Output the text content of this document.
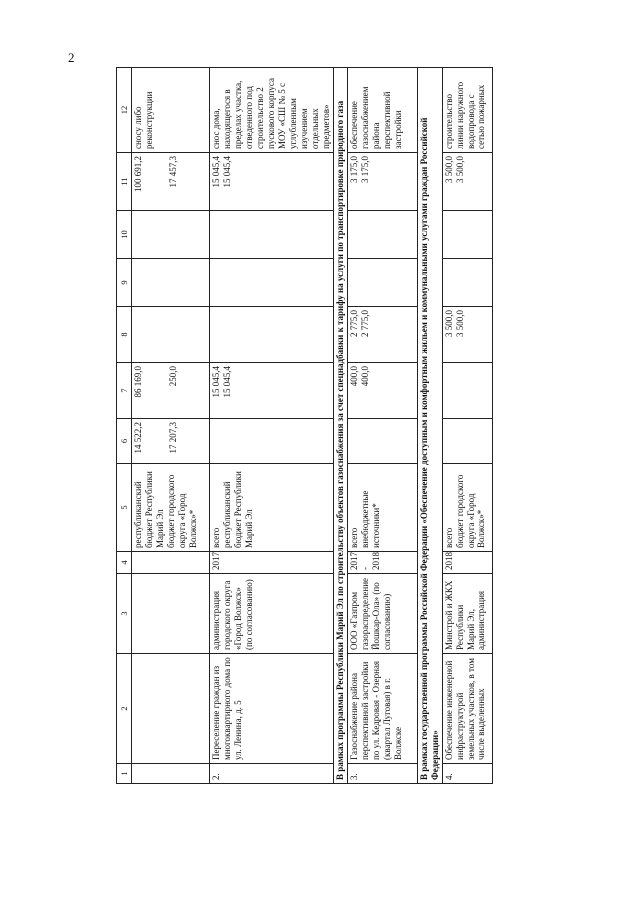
2
1	2	3	4	5	6	7	8	9	10	11	12

				республиканский бюджет Республики Марий Эл бюджет городского округа «Город Волжск»*	14 522,2 17 207,3	86 169,0 250,0				100 691,2 17 457,3	сносу либо реконструкции
2.	Переселение граждан из многоквартирного дома по ул. Ленина, д. 5	администрация городского округа «Город Волжск» (по согласованию)	2017	всего республиканский бюджет Республики Марий Эл		15 045,4 15 045,4				15 045,4 15 045,4	снос дома, находящегося в пределах участка, отведенного под строительство 2 пускового корпуса МОУ «СШ № 5 с углубленным изучением отдельных предметов»
В рамках программы Республики Марий Эл по строительству объектов газоснабжения за счет спецнадбавки к тарифу на услуги по транспортировке природного газа											
3.	Газоснабжение района перспективной застройки по ул. Кедровая - Озерная (квартал Луговая) в г. Волжске	ООО «Газпром газораспределение Йошкар-Ола» (по согласованию)	2017 - 2018	всего внебюджетные источники*		400,0 400,0	2 775,0 2 775,0			3 175,0 3 175,0	обеспечение газоснабжением района перспективной застройки
В рамках государственной программы Российской Федерации «Обеспечение доступным и комфортным жильем и коммунальными услугами граждан Российской Федерации»											
4.	Обеспечение инженерной инфраструктурой земельных участков, в том числе выделенных	Минстрой и ЖКХ Республики Марий Эл, администрация	2018	всего бюджет городского округа «Город Волжск»*			3 500,0 3 500,0			3 500,0 3 500,0	строительство линии наружного водопровода с сетью пожарных
